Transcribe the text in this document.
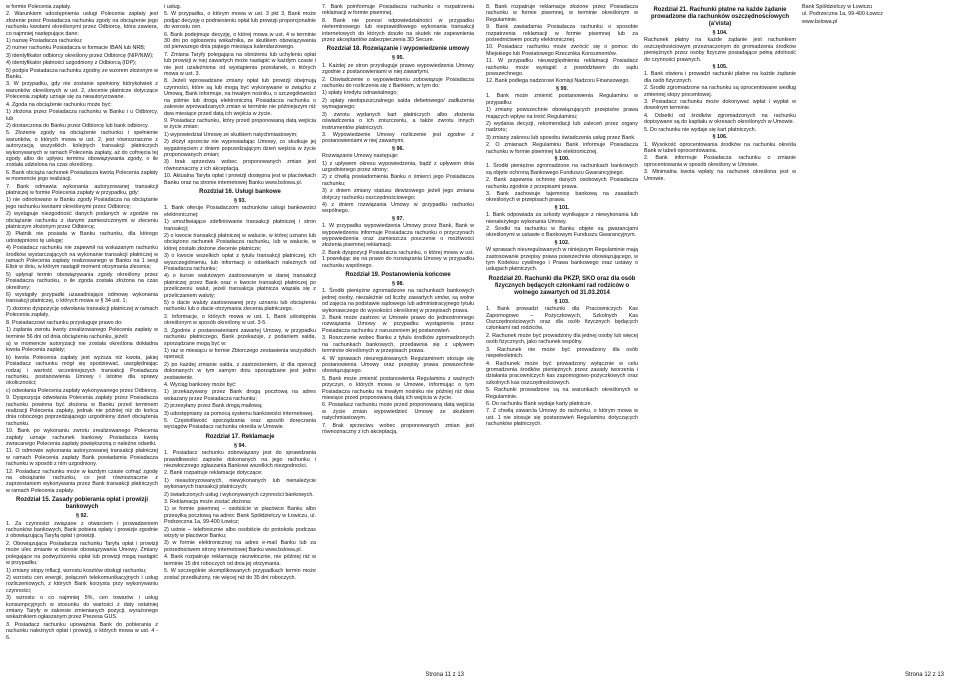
w formie Polecenia zapłaty.

2. Warunkiem udostępnienia usługi Polecenia zapłaty jest złożenie przez Posiadacza rachunku zgody na obciążenie jego rachunku kwotami określonymi przez Odbiorcę, która zawiera, co najmniej następujące dane:

1) nazwę Posiadacza rachunku;

2) numer rachunku Posiadacza w formacie IBAN lub NRB;

3) identyfikator odbiorcy określony przez Odbiorcę (NIP/NIW);

4) identyfikator płatności uzgodniony z Odbiorcą (IDP);

5) podpis Posiadacza rachunku zgodny ze wzorem złożonym w Banku.

3. W przypadku, gdy nie zostanie spełniony którykolwiek z warunków określonych w ust. 2, zlecenie płatnicze dotyczące Polecenia zapłaty uznaje się za nieautoryzowane.

4. Zgoda na obciążenie rachunku może być:

1) złożona przez Posiadacza rachunku w Banku i u Odbiorcy, lub

2) dostarczona do Banku przez Odbiorcę lub bank odbiorcy.

5. Złożenie zgody na obciążenie rachunku i spełnienie warunków, o których mowa w ust. 2, jest równoznaczne z autoryzacją wszystkich kolejnych transakcji płatniczych wykonywanych w ramach Polecenia zapłaty, aż do cofnięcia tej zgody albo do upływu terminu obowiązywania zgody, o ile została udzielona na czas określony.

6. Bank obciąża rachunek Posiadacza kwotą Polecenia zapłaty w momencie jego realizacji.

7. Bank odmawia wykonania autoryzowanej transakcji płatniczej w formie Polecenia zapłaty w przypadku, gdy:

1) nie odnotowano w Banku zgody Posiadacza na obciążanie jego rachunku kwotami określonymi przez Odbiorcę;

2) wystąpuje niezgodność danych podanych w zgodzie na obciążanie rachunku z danymi zamieszczonymi w zleceniu płatniczym złożonym przez Odbiorcę;

3) Płatnik nie posiada w Banku rachunku, dla którego udostępniono tę usługę;

4) Posiadacz rachunku nie zapewnił na wskazanym rachunku środków wystarczających na wykonanie transakcji płatniczej w ramach Polecenia zapłaty realizowanego w Banku na 1 sesji Elixir w dniu, w którym nastąpił moment otrzymania zlecenia;

5) upłynął termin obowiązywania zgody określony przez Posiadacza rachunku, o ile zgoda została złożona na czas określony;

6) wystąpiły przypadki uzasadniające odmowę wykonania transakcji płatniczej, o których mowa w § 34 ust. 1;

7) złożono dyspozycję odwołania transakcji płatniczej w ramach Polecenia zapłaty.

8. Posiadaczowi rachunku przysługuje prawo do:

1) żądania zwrotu kwoty zrealizowanego Polecenia zapłaty w terminie 56 dni od dnia obciążenia rachunku, jeżeli:

a) w momencie autoryzacji nie została określona dokładna kwota Polecenia zapłaty;

b) kwota Polecenia zapłaty jest wyższa niż kwota, jakiej Posiadacz rachunku mógł się spodziewać, uwzględniając rodzaj i wartość wcześniejszych transakcji Posiadacza rachunku, postanowienia Umowy i istotne dla sprawy okoliczności;

c) odwołania Polecenia zapłaty wykonywanego przez Odbiorcę.

9. Dyspozycja odwołania Polecenia zapłaty przez Posiadacza rachunku powinna być złożona w Banku przed terminem realizacji Polecenia zapłaty, jednak nie później niż do końca dnia roboczego poprzedzającego uzgodniony dzień obciążenia rachunku.

10. Bank po wykonaniu zwrotu zrealizowanego Polecenia zapłaty uznaje rachunek bankowy Posiadacza kwotą zwracanego Polecenia zapłaty powiększoną o należne odsetki.

11. O odmowie wykonania autoryzowanej transakcji płatniczej w ramach Polecenia zapłaty Bank powiadamia Posiadacza rachunku w sposób z nim uzgodniony.

12. Posiadacz rachunku może w każdym czasie cofnąć zgodę na obciążanie rachunku, co jest równoznaczne z zaprzestaniem wykonywania przez Bank transakcji płatniczych w ramach Polecenia zapłaty.

Rozdział 15. Zasady pobierania opłat i prowizji bankowych

§ 92.

1. Za czynności związane z otwarciem i prowadzeniem rachunków bankowych, Bank pobiera opłaty i prowizje zgodnie z obowiązującą Taryfą opłat i prowizji.

2. Obowiązująca Posiadacza rachunku Taryfa opłat i prowizji może ulec zmianie w okresie obowiązywania Umowy. Zmiany polegające na podwyższeniu opłat lub prowizji mogą nastąpić w przypadku:

1) zmiany stopy inflacji, wzrostu kosztów obsługi rachunku;

2) wzrostu cen energii, połączeń telekomunikacyjnych i usług rozliczeniowych, z których Bank korzysta przy wykonywaniu czynności;

3) wzrostu o co najmniej 5%, cen towarów i usług konsumpcyjnych w stosunku do wartości z daty ostatniej zmiany Taryfy w zakresie zmienianych pozycji, wyrażonego wskaźnikiem ogłaszanym przez Prezesa GUS.

3. Posiadacz rachunku upoważnia Bank do pobierania z rachunku należnych opłat i prowizji, o których mowa w ust. 4 - 6.

i usług.

5. W przypadku, o którym mowa w ust. 3 pkt 3, Bank może podjąć decyzję o podniesieniu opłat lub prowizji proporcjonalnie do wzrostu cen.

6. Bank podejmuje decyzję, o której mowa w ust. 4 w terminie 30 dni po ogłoszeniu wskaźnika, ze skutkiem obowiązywania od pierwszego dnia piątego miesiąca kalendarzowego.

7. Zmiana Taryfy polegająca na obniżeniu lub uchyleniu opłat lub prowizji w niej zawartych może nastąpić w każdym czasie i nie jest uzależniona od wystąpienia przesłanek, o których mowa w ust. 3.

8. Jeżeli wprowadzane zmiany opłat lub prowizji obejmują czynności, które są lub mogą być wykonywane w związku z Umową, Bank informuje, na trwałym nośniku, o szczegółowości na piśmie lub drogą elektroniczną Posiadacza rachunku o zakresie wprowadzanych zmian w terminie nie późniejszym niż dwa miesiące przed datą ich wejścia w życie.

9. Posiadacz rachunku, który przed proponowaną datą wejścia w życie zmian:

1) wypowiedział Umowę ze skutkiem natychmiastowym;

2) złożył sprzeciw nie wypowiadając Umowy, co skutkuje jej wygaśnięciem z dniem poprzedzającym dzień wejścia w życie proponowanych zmian;

3) brak sprzeciwu wobec proponowanych zmian jest równoznaczny z ich akceptacją.

10. Aktualna Taryfa opłat i prowizji dostępna jest w placówkach Banku oraz na stronie internetowej Banku www.bslowa.pl.

Rozdział 16. Usługi bankowe

§ 93.

1. Bank oferuje Posiadaczom rachunków usługi bankowości elektronicznej:

1) umożliwiające zdefiniowanie transakcji płatniczej i stron transakcji;

2) o kwocie transakcji płatniczej w walucie, w której uznano lub obciążono rachunek Posiadacza rachunku, lub w walucie, w której zostało złożone zlecenie płatnicze;

3) o kwocie wszelkich opłat z tytułu transakcji płatniczej, ich wyszczególnieniu, lub informacji o odsetkach należnych od Posiadacza rachunku;

4) o kursie walutowym zastosowanym w danej transakcji płatniczej przez Bank oraz o kwocie transakcji płatniczej po przeliczeniu walut, jeżeli transakcja płatnicza wiązała się z przeliczaniem waluty;

5) o dacie waluty zastosowanej przy uznaniu lub obciążeniu rachunku lub o dacie otrzymania zlecenia płatniczego.

2. Informacje, o których mowa w ust. 1, Bank udostępnia określonym w sposób określony w ust. 3-5.

3. Zgodnie z postanowieniami zawartej Umowy, w przypadku rachunku płatniczego, Bank przekazuje, z podaniem salda, sporządzane mogą być w:

1) raz w miesiącu w formie Zbiorczego zestawienia wszystkich operacji;

2) po każdej zmianie salda, z zastrzeżeniem, iż dla operacji dokonanych w tym samym dniu sporządzane jest jedno zestawienie.

4. Wyciąg bankowy może być:

1) przekazywany przez Bank drogą pocztową na adres wskazany przez Posiadacza rachunku;

2) przesyłany przez Bank drogą mailową;

3) udostępniany za pomocą systemu bankowości internetowej.

5. Częstotliwość sporządzania oraz sposób doręczania wyciągów Posiadacz rachunku określa w Umowie.

Rozdział 17. Reklamacje

§ 94.

1. Posiadacz rachunku zobowiązany jest do sprawdzania prawidłowości zapisów dokonanych na jego rachunku i niezwłocznego zgłaszania Bankowi wszelkich niezgodności.

2. Bank rozpatruje reklamacje dotyczące:

1) nieautoryzowanych, niewykonanych lub nienależycie wykonanych transakcji płatniczych;

2) świadczonych usług i wykonywanych czynności bankowych.

3. Reklamacja może zostać złożona:

1) w formie pisemnej – osobiście w placówce Banku albo przesyłką pocztową na adres: Bank Spółdzielczy w Łowiczu, ul. Podrzeczna 1a, 99-400 Łowicz;

2) ustnie – telefonicznie albo osobiście do protokołu podczas wizyty w placówce Banku;

3) w formie elektronicznej na adres e-mail Banku lub za pośrednictwem strony internetowej Banku www.bslowa.pl.

4. Bank rozpatruje reklamację niezwłocznie, nie później niż w terminie 15 dni roboczych od dnia jej otrzymania.

5. W szczególnie skomplikowanych przypadkach termin może zostać przedłużony, nie więcej niż do 35 dni roboczych.

7. Bank poinformuje Posiadacza rachunku o rozpatrzeniu reklamacji w formie pisemnej.

8. Bank nie ponosi odpowiedzialności w przypadku nieterminowego lub nieprawidłowego wykonania transakcji internetowych do których doszło na skutek nie zapewnienia przez akceptantów zabezpieczenia 3D Secure.

Rozdział 18. Rozwiązanie i wypowiedzenie umowy

§ 95.

1. Każdej ze stron przysługuje prawo wypowiedzenia Umowy zgodnie z postanowieniami w niej zawartymi.

2. Oświadczenie o wypowiedzeniu zobowiązuje Posiadacza rachunku do rozliczenia się z Bankiem, w tym do:

1) spłaty kredytu odnawialnego;

2) spłaty niedopuszczalnego salda debetowego/ zadłużenia wymaganego;

3) zwrotu wydanych kart płatniczych albo złożenia oświadczenia o ich zniszczeniu, a także zwrotu innych instrumentów płatniczych.

3. Wypowiedzenie Umowy rozliczenie jest zgodne z postanowieniami w niej zawartymi.

§ 96.

Rozwiązanie Umowy następuje:

1) z upływem okresu wypowiedzenia, bądź z upływem dnia uzgodnionego przez strony;

2) z chwilą powiadomienia Banku o śmierci jego Posiadacza rachunku;

3) z dniem zmiany statusu dewizowego jeżeli jego zmiana dotyczy rachunku oszczędnościowego;

4) z dniem rozwiązania Umowy w przypadku rachunku wspólnego.

§ 97.

1. W przypadku wypowiedzenia Umowy przez Bank, Bank w wypowiedzeniu informuje Posiadacza rachunku o przyczynach wypowiedzenia oraz zamieszcza pouczenie o możliwości złożenia pisemnej reklamacji.

2. Bank dyspozycji Posiadacza rachunku, o której mowa w ust. 1 powołując się na prawo do rozwiązania Umowy w przypadku rachunku wspólnego.

Rozdział 19. Postanowienia końcowe

§ 98.

1. Środki pieniężne zgromadzone na rachunkach bankowych jednej osoby, niezależnie od liczby zawartych umów, są wolne od zajęcia na podstawie sądowego lub administracyjnego tytułu wykonawczego do wysokości określonej w przepisach prawa.

2. Bank może zastrzec w Umowie prawo do jednostronnego rozwiązania Umowy w przypadku wystąpienia przez Posiadacza rachunku z naruszeniem jej postanowień.

3. Roszczenie wobec Banku z tytułu środków zgromadzonych na rachunkach bankowych, przedawnia się z upływem terminów określonych w przepisach prawa.

4. W sprawach nieuregulowanych Regulaminem stosuje się postanowienia Umowy oraz przepisy prawa powszechnie obowiązującego.

5. Bank może zmienić postanowienia Regulaminu z ważnych przyczyn, o których mowa w Umowie, informując o tym Posiadacza rachunku na trwałym nośniku nie później niż dwa miesiące przed proponowaną datą ich wejścia w życie.

6. Posiadacz rachunku może przed proponowaną datą wejścia w życie zmian wypowiedzieć Umowę ze skutkiem natychmiastowym.

7. Brak sprzeciwu wobec proponowanych zmian jest równoznaczny z ich akceptacją.

Strona 11 z 13

8. Bank rozpatruje reklamacje złożone przez Posiadacza rachunku w formie pisemnej, w terminie określonym w Regulaminie.

9. Bank zawiadamia Posiadacza rachunku o sposobie rozpatrzenia reklamacji w formie pisemnej lub za pośrednictwem poczty elektronicznej.

10. Posiadacz rachunku może zwrócić się o pomoc do Miejskiego lub Powiatowego Rzecznika Konsumentów.

11. W przypadku nieuwzględnienia reklamacji Posiadacz rachunku może wystąpić z powództwem do sądu powszechnego.

12. Bank podlega nadzorowi Komisji Nadzoru Finansowego.

§ 99.

1. Bank może zmienić postanowienia Regulaminu w przypadku:

1) zmiany powszechnie obowiązujących przepisów prawa mających wpływ na treść Regulaminu;

2) wydania decyzji, rekomendacji lub zaleceń przez organy nadzoru;

3) zmiany zakresu lub sposobu świadczenia usług przez Bank.

2. O zmianach Regulaminu Bank informuje Posiadacza rachunku w formie pisemnej lub elektronicznej.

§ 100.

1. Środki pieniężne zgromadzone na rachunkach bankowych są objęte ochroną Bankowego Funduszu Gwarancyjnego.

2. Bank zapewnia ochronę danych osobowych Posiadacza rachunku zgodnie z przepisami prawa.

3. Bank zachowuje tajemnicę bankową na zasadach określonych w przepisach prawa.

§ 101.

1. Bank odpowiada za szkody wynikające z niewykonania lub nienależytego wykonania Umowy.

2. Środki na rachunku w Banku objęte są gwarancjami określonymi w ustawie o Bankowym Funduszu Gwarancyjnym.

§ 102.

W sprawach nieuregulowanych w niniejszym Regulaminie mają zastosowanie przepisy prawa powszechnie obowiązującego, w tym Kodeksu cywilnego i Prawa bankowego oraz ustawy o usługach płatniczych.

Rozdział 20. Rachunki dla PKZP, SKO oraz dla osób fizycznych będących członkami rad rodziców o wolnego zawartych od 31.03.2014

§ 103.

1. Bank prowadzi rachunki dla Pracowniczych Kas Zapomogowo – Pożyczkowych, Szkolnych Kas Oszczędnościowych oraz dla osób fizycznych będących członkami rad rodziców.

2. Rachunek może być prowadzony dla jednej osoby lub więcej osób fizycznych, jako rachunek wspólny.

3. Rachunek nie może być prowadzony dla osób niepełnoletnich.

4. Rachunek może być prowadzony wyłącznie w celu gromadzenia środków pieniężnych przez zasady tworzenia i działania pracowniczych kas zapomogowo-pożyczkowych oraz szkolnych kas oszczędnościowych.

5. Rachunki prowadzone są na warunkach określonych w Regulaminie.

6. Do rachunku Bank wydaje karty płatnicze.

7. Z chwilą zawarcia Umowy do rachunku, o którym mowa w ust. 1 nie stosuje się postanowień Regulaminu dotyczących rachunków płatniczych.

Rozdział 21. Rachunki płatne na każde żądanie prowadzone dla rachunków oszczędnościowych (a'vista)

§ 104.

Rachunek płatny na każde żądanie jest rachunkiem oszczędnościowym przeznaczonym do gromadzenia środków pieniężnych przez osoby fizyczne posiadające pełną zdolność do czynności prawnych.

§ 105.

1. Bank otwiera i prowadzi rachunki płatne na każde żądanie dla osób fizycznych.

2. Środki zgromadzone na rachunku są oprocentowane według zmiennej stopy procentowej.

3. Posiadacz rachunku może dokonywać wpłat i wypłat w dowolnym terminie.

4. Odsetki od środków zgromadzonych na rachunku dopisywane są do kapitału w okresach określonych w Umowie.

5. Do rachunku nie wydaje się kart płatniczych.

§ 106.

1. Wysokość oprocentowania środków na rachunku określa Bank w tabeli oprocentowania.

2. Bank informuje Posiadacza rachunku o zmianie oprocentowania w sposób określony w Umowie.

3. Minimalna kwota wpłaty na rachunek określona jest w Umowie.

Bank Spółdzielczy w Łowiczu

ul. Podrzeczna 1a, 99-400 Łowicz

www.bslowa.pl

Strona 12 z 13
